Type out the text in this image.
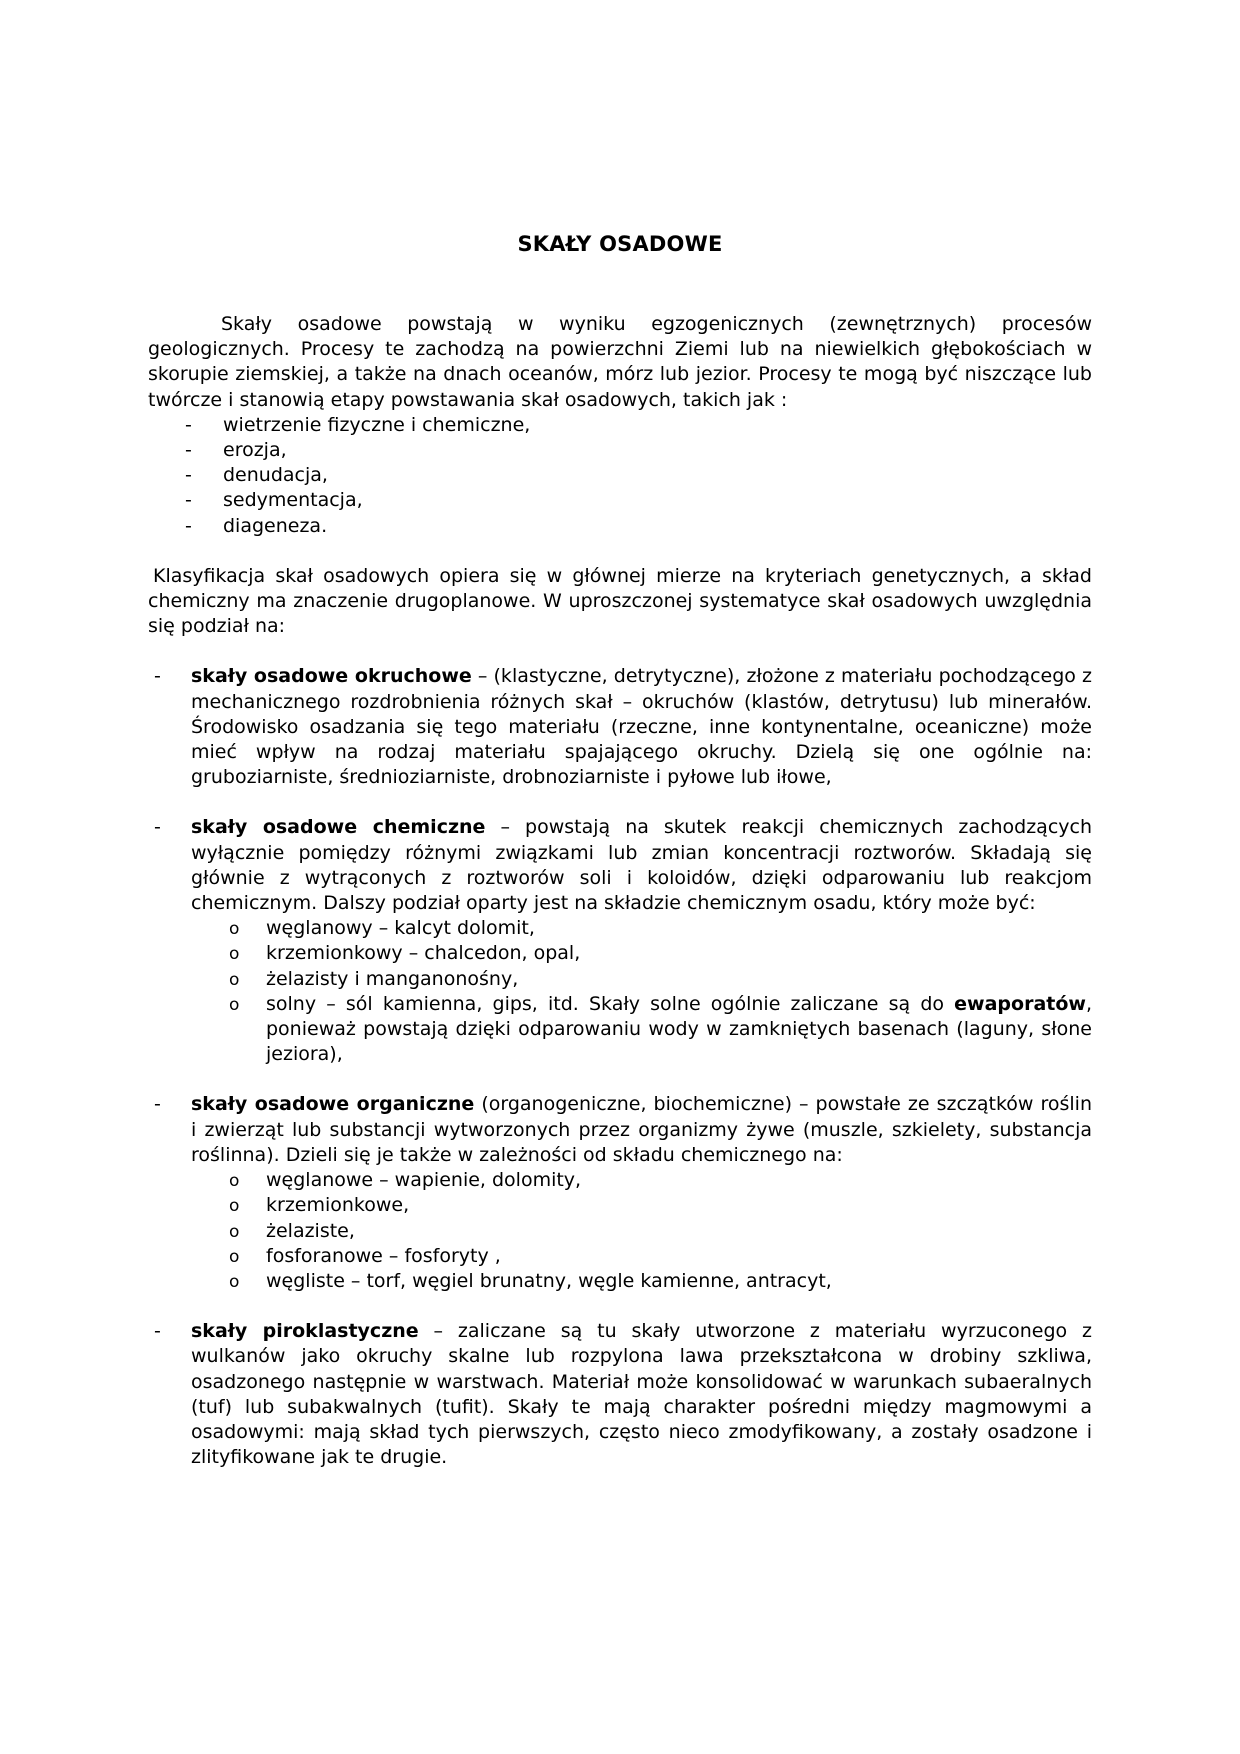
SKAŁY OSADOWE

Skały osadowe powstają w wyniku egzogenicznych (zewnętrznych) procesów geologicznych. Procesy te zachodzą na powierzchni Ziemi lub na niewielkich głębokościach w skorupie ziemskiej, a także na dnach oceanów, mórz lub jezior. Procesy te mogą być niszczące lub twórcze i stanowią etapy powstawania skał osadowych, takich jak :

- wietrzenie fizyczne i chemiczne,
- erozja,
- denudacja,
- sedymentacja,
- diageneza.

Klasyfikacja skał osadowych opiera się w głównej mierze na kryteriach genetycznych, a skład chemiczny ma znaczenie drugoplanowe. W uproszczonej systematyce skał osadowych uwzględnia się podział na:

- skały osadowe okruchowe – (klastyczne, detrytyczne), złożone z materiału pochodzącego z mechanicznego rozdrobnienia różnych skał – okruchów (klastów, detrytusu) lub minerałów. Środowisko osadzania się tego materiału (rzeczne, inne kontynentalne, oceaniczne) może mieć wpływ na rodzaj materiału spajającego okruchy. Dzielą się one ogólnie na: gruboziarniste, średnioziarniste, drobnoziarniste i pyłowe lub iłowe,
- skały osadowe chemiczne – powstają na skutek reakcji chemicznych zachodzących wyłącznie pomiędzy różnymi związkami lub zmian koncentracji roztworów. Składają się głównie z wytrąconych z roztworów soli i koloidów, dzięki odparowaniu lub reakcjom chemicznym. Dalszy podział oparty jest na składzie chemicznym osadu, który może być:
o węglanowy – kalcyt dolomit,
o krzemionkowy – chalcedon, opal,
o żelazisty i manganonośny,
o solny – sól kamienna, gips, itd. Skały solne ogólnie zaliczane są do ewaporatów, ponieważ powstają dzięki odparowaniu wody w zamkniętych basenach (laguny, słone jeziora),
- skały osadowe organiczne (organogeniczne, biochemiczne) – powstałe ze szczątków roślin i zwierząt lub substancji wytworzonych przez organizmy żywe (muszle, szkielety, substancja roślinna). Dzieli się je także w zależności od składu chemicznego na:
o węglanowe – wapienie, dolomity,
o krzemionkowe,
o żelaziste,
o fosforanowe – fosforyty ,
o węgliste – torf, węgiel brunatny, węgle kamienne, antracyt,
- skały piroklastyczne – zaliczane są tu skały utworzone z materiału wyrzuconego z wulkanów jako okruchy skalne lub rozpylona lawa przekształcona w drobiny szkliwa, osadzonego następnie w warstwach. Materiał może konsolidować w warunkach subaeralnych (tuf) lub subakwalnych (tufit). Skały te mają charakter pośredni między magmowymi a osadowymi: mają skład tych pierwszych, często nieco zmodyfikowany, a zostały osadzone i zlityfikowane jak te drugie.
